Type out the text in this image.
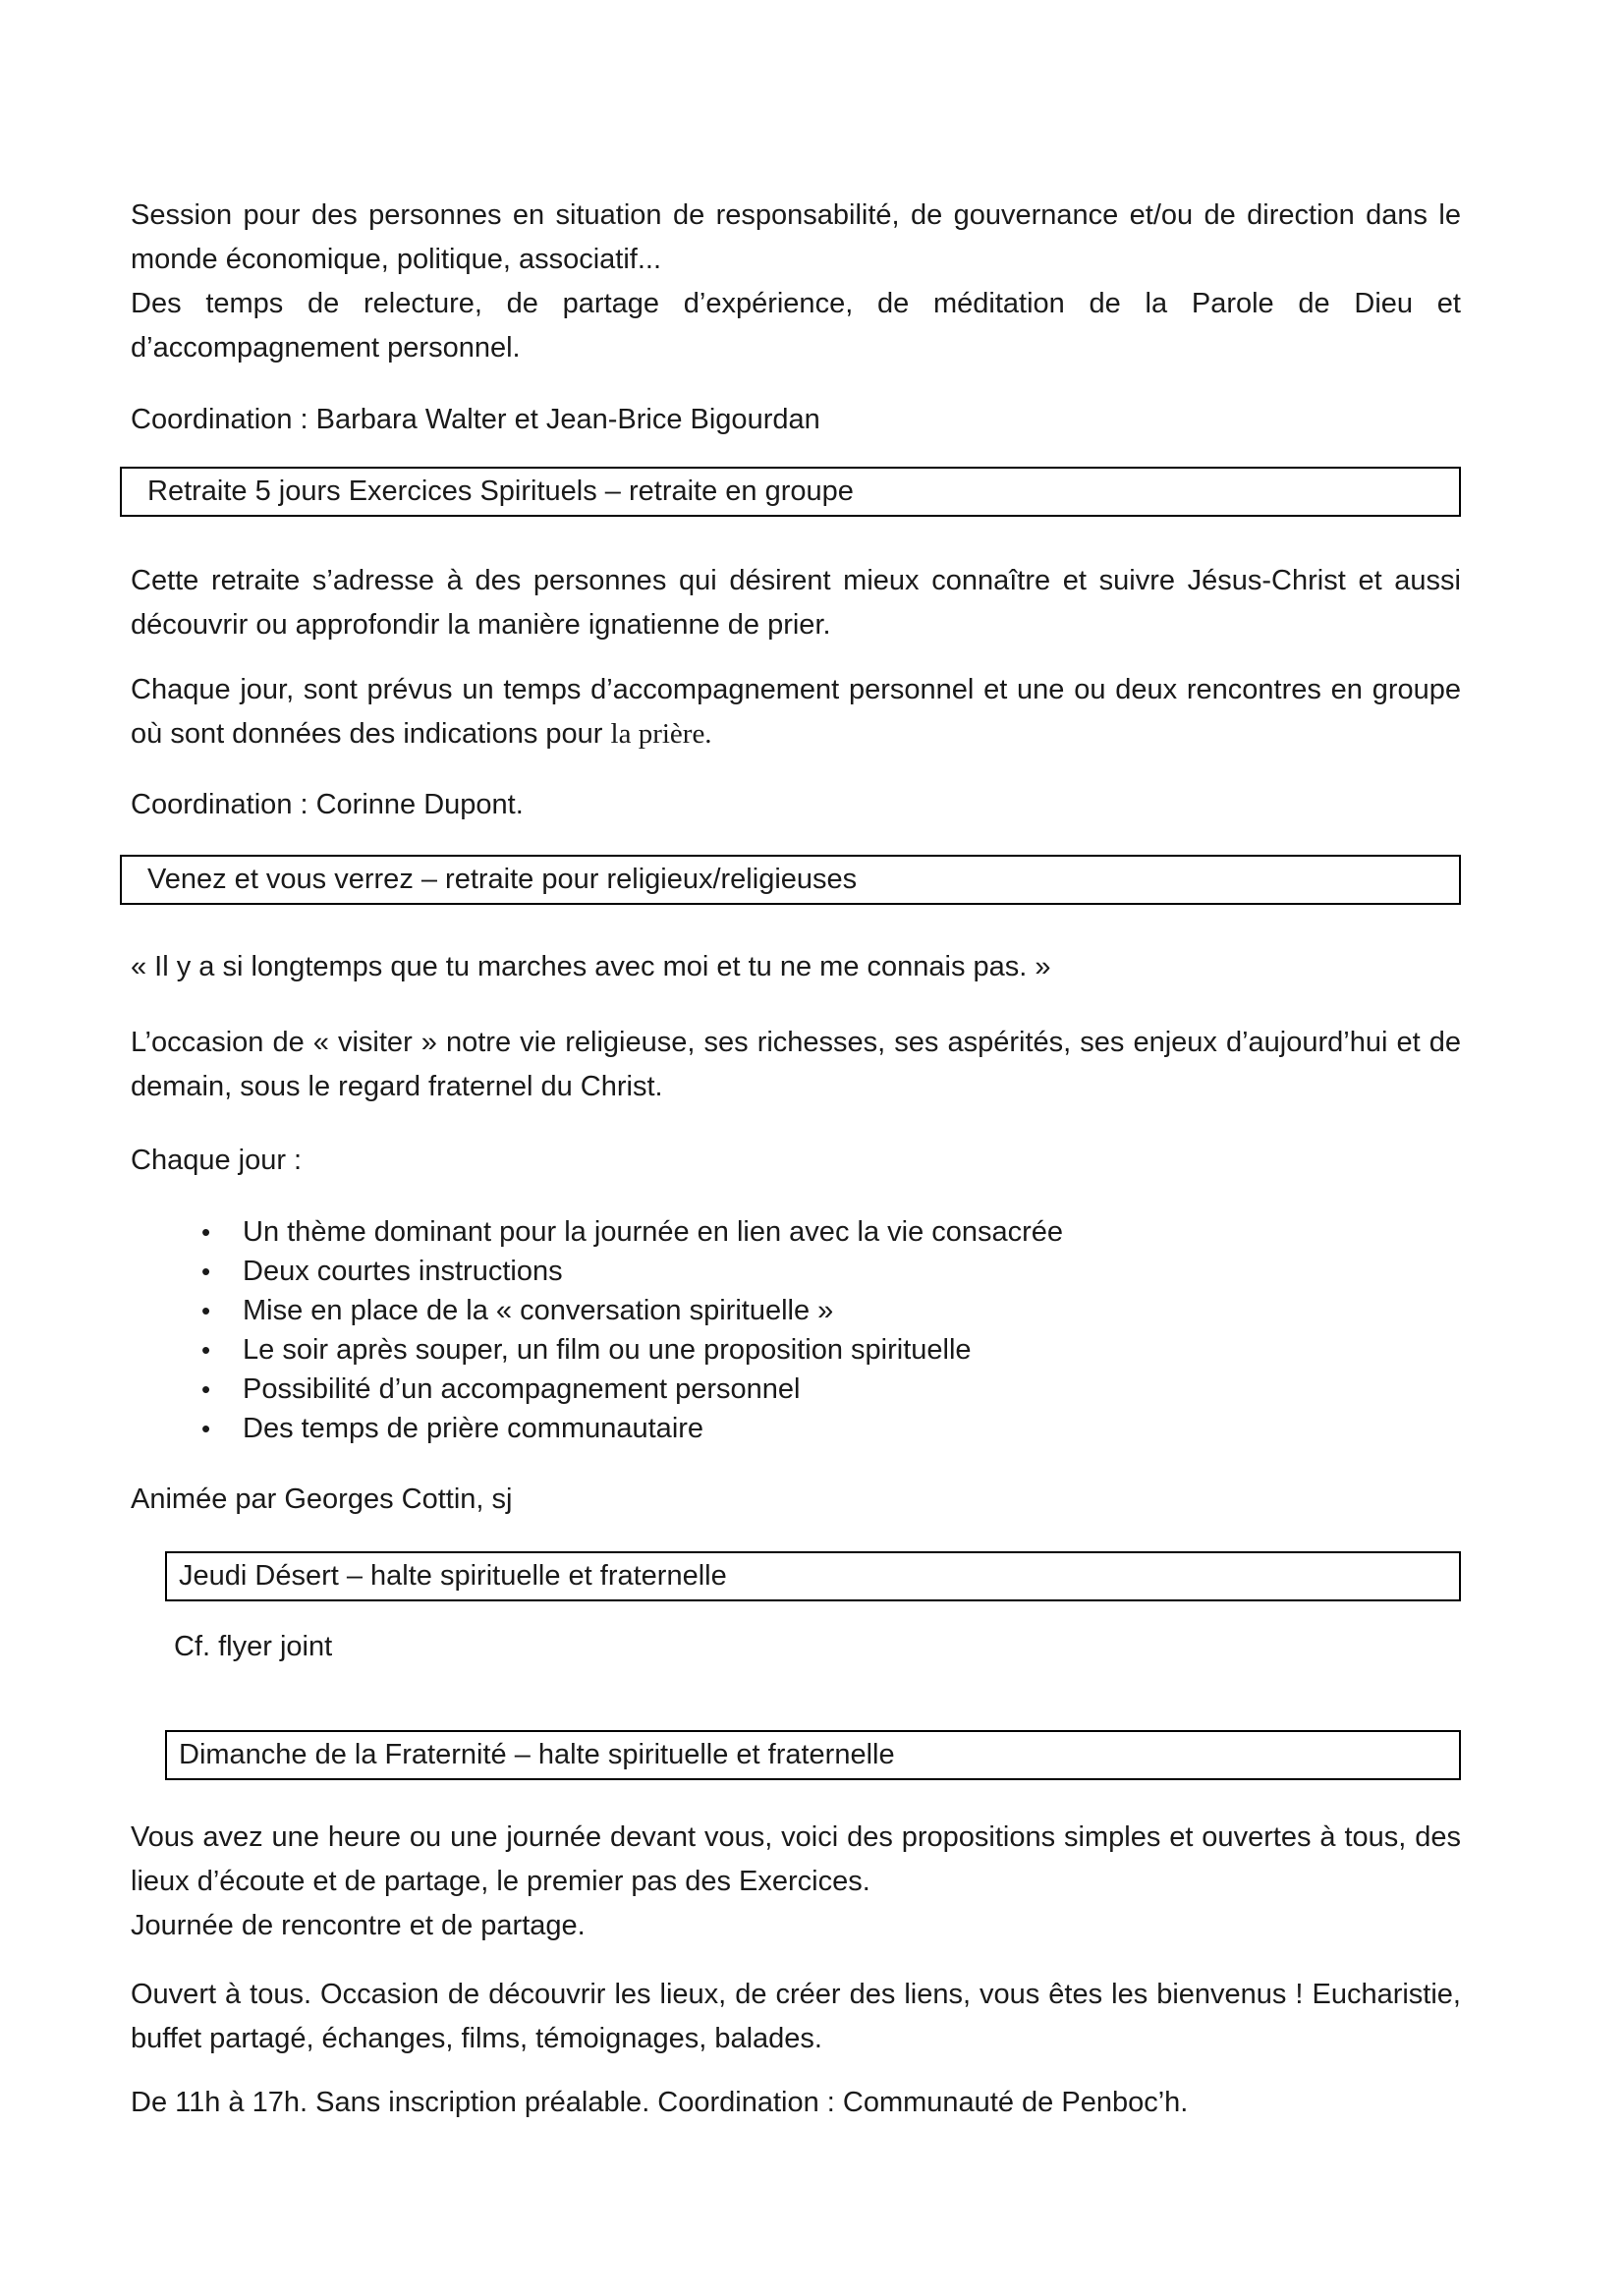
Session pour des personnes en situation de responsabilité, de gouvernance et/ou de direction dans le monde économique, politique, associatif...

Des temps de relecture, de partage d’expérience, de méditation de la Parole de Dieu et d’accompagnement personnel.

Coordination : Barbara Walter et Jean-Brice Bigourdan

Retraite 5 jours Exercices Spirituels – retraite en groupe

Cette retraite s’adresse à des personnes qui désirent mieux connaître et suivre Jésus-Christ et aussi découvrir ou approfondir la manière ignatienne de prier.

Chaque jour, sont prévus un temps d’accompagnement personnel et une ou deux rencontres en groupe où sont données des indications pour la prière.

Coordination : Corinne Dupont.

Venez et vous verrez – retraite pour religieux/religieuses

« Il y a si longtemps que tu marches avec moi et tu ne me connais pas. »

L’occasion de « visiter » notre vie religieuse, ses richesses, ses aspérités, ses enjeux d’aujourd’hui et de demain, sous le regard fraternel du Christ.

Chaque jour :

• Un thème dominant pour la journée en lien avec la vie consacrée
• Deux courtes instructions
• Mise en place de la « conversation spirituelle »
• Le soir après souper, un film ou une proposition spirituelle
• Possibilité d’un accompagnement personnel
• Des temps de prière communautaire

Animée par Georges Cottin, sj

Jeudi Désert – halte spirituelle et fraternelle

Cf. flyer joint

Dimanche de la Fraternité – halte spirituelle et fraternelle

Vous avez une heure ou une journée devant vous, voici des propositions simples et ouvertes à tous, des lieux d’écoute et de partage, le premier pas des Exercices.

Journée de rencontre et de partage.

Ouvert à tous. Occasion de découvrir les lieux, de créer des liens, vous êtes les bienvenus ! Eucharistie, buffet partagé, échanges, films, témoignages, balades.

De 11h à 17h. Sans inscription préalable. Coordination : Communauté de Penboc’h.
